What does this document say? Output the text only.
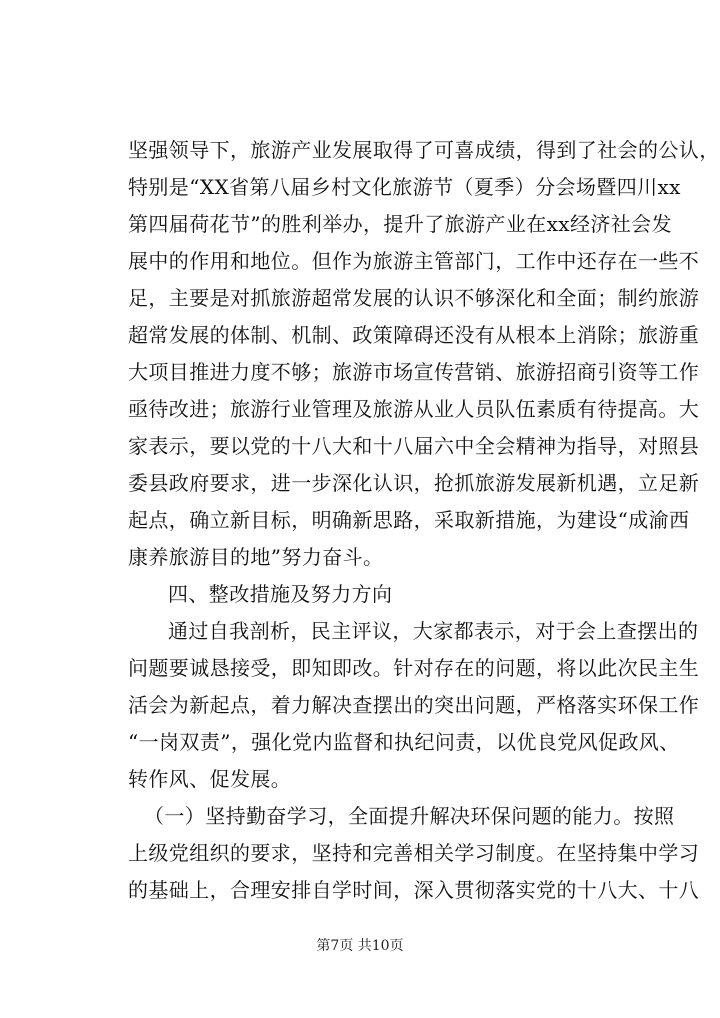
坚强领导下，旅游产业发展取得了可喜成绩，得到了社会的公认，
特别是“XX省第八届乡村文化旅游节（夏季）分会场暨四川xx
第四届荷花节”的胜利举办，提升了旅游产业在xx经济社会发
展中的作用和地位。但作为旅游主管部门，工作中还存在一些不
足，主要是对抓旅游超常发展的认识不够深化和全面；制约旅游
超常发展的体制、机制、政策障碍还没有从根本上消除；旅游重
大项目推进力度不够；旅游市场宣传营销、旅游招商引资等工作
亟待改进；旅游行业管理及旅游从业人员队伍素质有待提高。大
家表示，要以党的十八大和十八届六中全会精神为指导，对照县
委县政府要求，进一步深化认识，抢抓旅游发展新机遇，立足新
起点，确立新目标，明确新思路，采取新措施，为建设“成渝西
康养旅游目的地”努力奋斗。
四、整改措施及努力方向
通过自我剖析，民主评议，大家都表示，对于会上查摆出的
问题要诚恳接受，即知即改。针对存在的问题，将以此次民主生
活会为新起点，着力解决查摆出的突出问题，严格落实环保工作
“一岗双责”，强化党内监督和执纪问责，以优良党风促政风、
转作风、促发展。
（一）坚持勤奋学习，全面提升解决环保问题的能力。按照
上级党组织的要求，坚持和完善相关学习制度。在坚持集中学习
的基础上，合理安排自学时间，深入贯彻落实党的十八大、十八
第7页 共10页
